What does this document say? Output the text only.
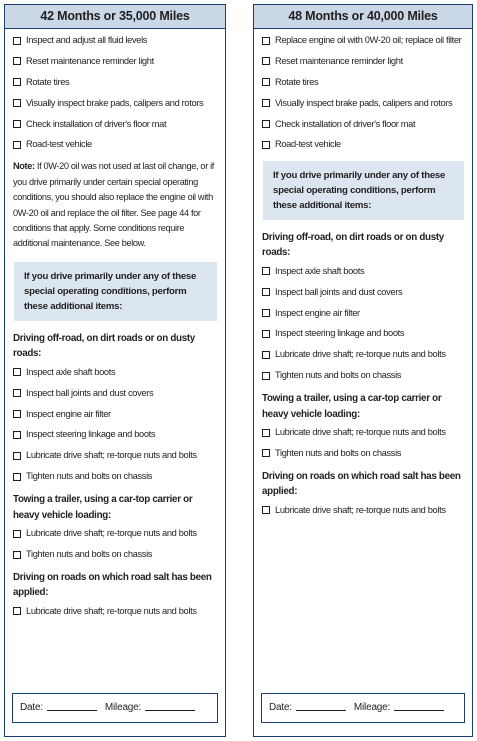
42 Months or 35,000 Miles
Inspect and adjust all fluid levels
Reset maintenance reminder light
Rotate tires
Visually inspect brake pads, calipers and rotors
Check installation of driver's floor mat
Road-test vehicle

Note: If 0W-20 oil was not used at last oil change, or if you drive primarily under certain special operating conditions, you should also replace the engine oil with 0W-20 oil and replace the oil filter. See page 44 for conditions that apply. Some conditions require additional maintenance. See below.

If you drive primarily under any of these special operating conditions, perform these additional items:
Driving off-road, on dirt roads or on dusty roads:
Inspect axle shaft boots
Inspect ball joints and dust covers
Inspect engine air filter
Inspect steering linkage and boots
Lubricate drive shaft; re-torque nuts and bolts
Tighten nuts and bolts on chassis
Towing a trailer, using a car-top carrier or heavy vehicle loading:
Lubricate drive shaft; re-torque nuts and bolts
Tighten nuts and bolts on chassis
Driving on roads on which road salt has been applied:
Lubricate drive shaft; re-torque nuts and bolts
Date:	Mileage:
48 Months or 40,000 Miles
Replace engine oil with 0W-20 oil; replace oil filter
Reset maintenance reminder light
Rotate tires
Visually inspect brake pads, calipers and rotors
Check installation of driver's floor mat
Road-test vehicle
If you drive primarily under any of these special operating conditions, perform these additional items:
Driving off-road, on dirt roads or on dusty roads:
Inspect axle shaft boots
Inspect ball joints and dust covers
Inspect engine air filter
Inspect steering linkage and boots
Lubricate drive shaft; re-torque nuts and bolts
Tighten nuts and bolts on chassis
Towing a trailer, using a car-top carrier or heavy vehicle loading:
Lubricate drive shaft; re-torque nuts and bolts
Tighten nuts and bolts on chassis
Driving on roads on which road salt has been applied:
Lubricate drive shaft; re-torque nuts and bolts
Date:	Mileage:
